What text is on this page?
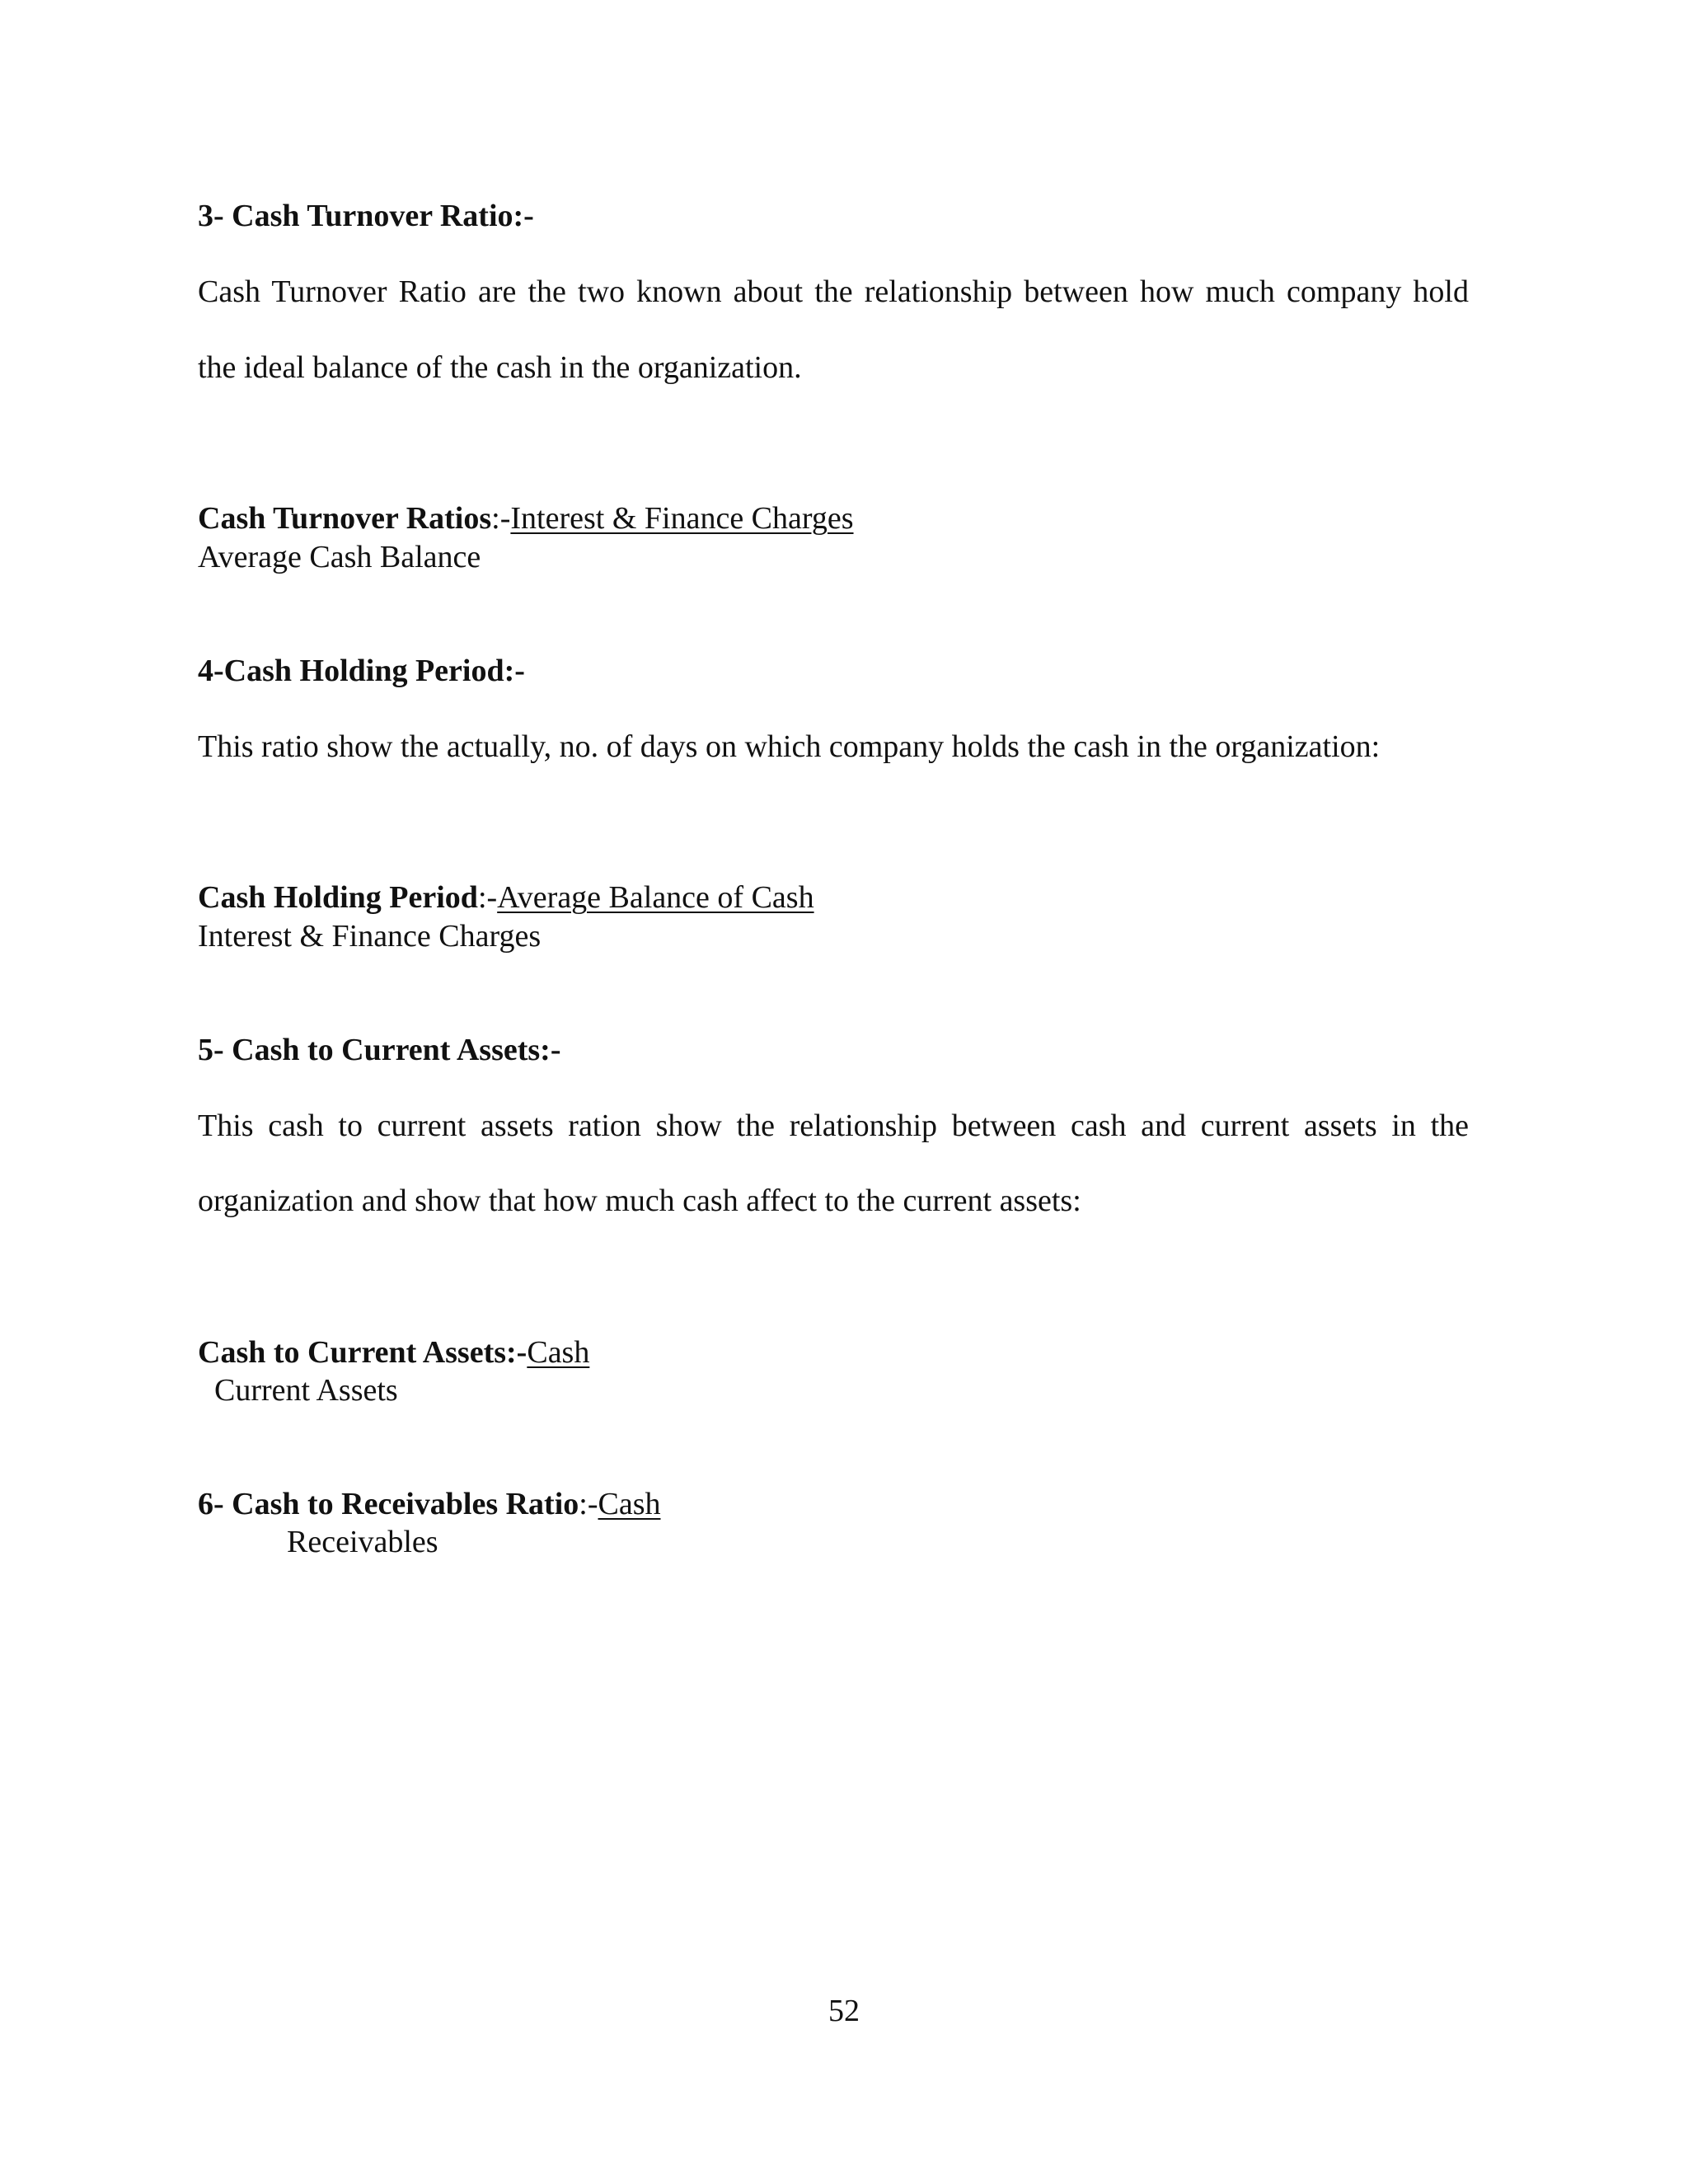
3- Cash Turnover Ratio:-
Cash Turnover Ratio are the two known about the relationship between how much company hold
the ideal balance of the cash in the organization.
Cash Turnover Ratios:-Interest & Finance Charges
Average Cash Balance
4-Cash Holding Period:-
This ratio show the actually, no. of days on which company holds the cash in the organization:
Cash Holding Period:-Average Balance of Cash
Interest & Finance Charges
5- Cash to Current Assets:-
This cash to current assets ration show the relationship between cash and current assets in the
organization and show that how much cash affect to the current assets:
Cash to Current Assets:-Cash
Current Assets
6- Cash to Receivables Ratio:-Cash
Receivables
52
